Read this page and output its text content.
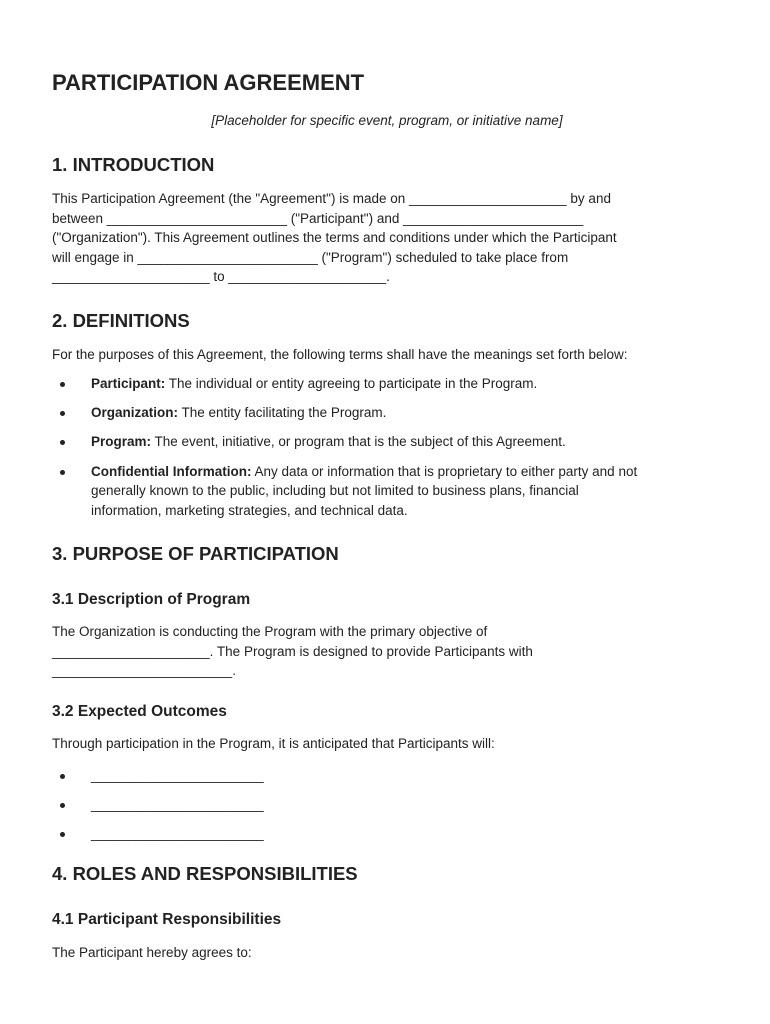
PARTICIPATION AGREEMENT
[Placeholder for specific event, program, or initiative name]
1. INTRODUCTION
This Participation Agreement (the "Agreement") is made on _____________________ by and
between ________________________ ("Participant") and ________________________
("Organization"). This Agreement outlines the terms and conditions under which the Participant
will engage in ________________________ ("Program") scheduled to take place from
_____________________ to _____________________.
2. DEFINITIONS
For the purposes of this Agreement, the following terms shall have the meanings set forth below:
Participant: The individual or entity agreeing to participate in the Program.
Organization: The entity facilitating the Program.
Program: The event, initiative, or program that is the subject of this Agreement.
Confidential Information: Any data or information that is proprietary to either party and not
generally known to the public, including but not limited to business plans, financial
information, marketing strategies, and technical data.
3. PURPOSE OF PARTICIPATION
3.1 Description of Program
The Organization is conducting the Program with the primary objective of
_____________________. The Program is designed to provide Participants with
________________________.
3.2 Expected Outcomes
Through participation in the Program, it is anticipated that Participants will:
_______________________
_______________________
_______________________
4. ROLES AND RESPONSIBILITIES
4.1 Participant Responsibilities
The Participant hereby agrees to:
